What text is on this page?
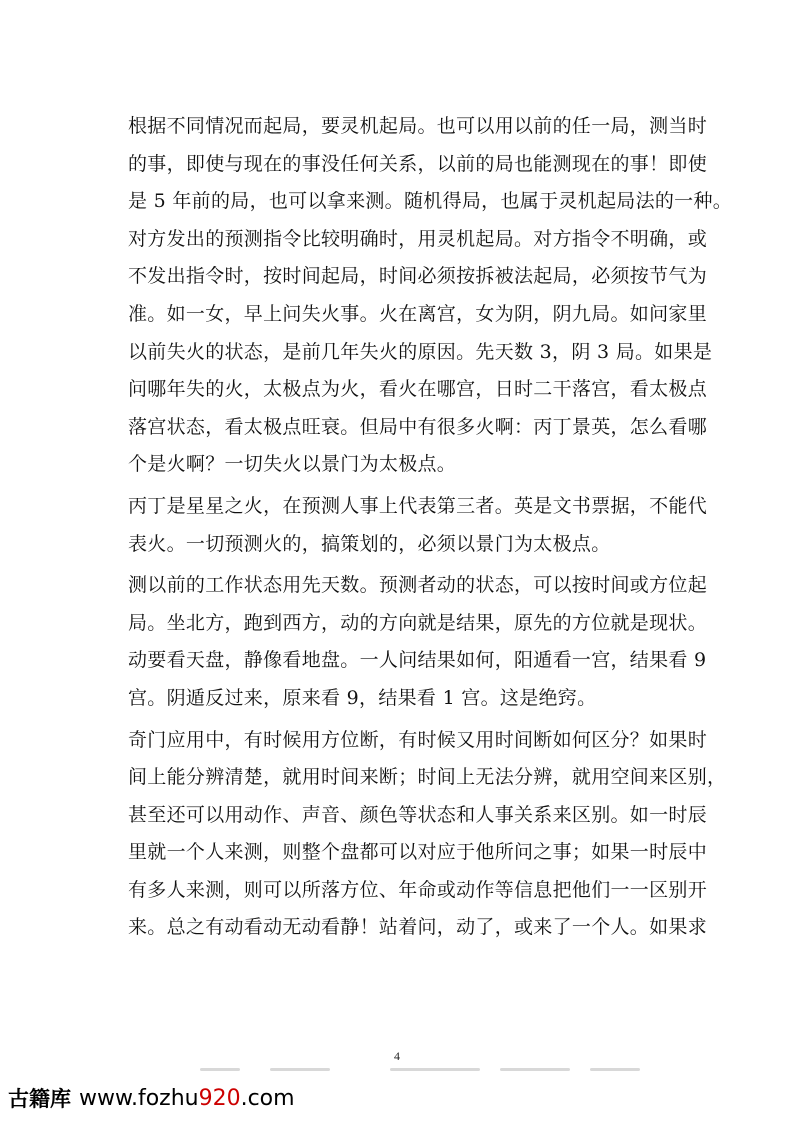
根据不同情况而起局，要灵机起局。也可以用以前的任一局，测当时
的事，即使与现在的事没任何关系，以前的局也能测现在的事！即使
是 5 年前的局，也可以拿来测。随机得局，也属于灵机起局法的一种。
对方发出的预测指令比较明确时，用灵机起局。对方指令不明确，或
不发出指令时，按时间起局，时间必须按拆被法起局，必须按节气为
准。如一女，早上问失火事。火在离宫，女为阴，阴九局。如问家里
以前失火的状态，是前几年失火的原因。先天数 3，阴 3 局。如果是
问哪年失的火，太极点为火，看火在哪宫，日时二干落宫，看太极点
落宫状态，看太极点旺衰。但局中有很多火啊：丙丁景英，怎么看哪
个是火啊？一切失火以景门为太极点。
丙丁是星星之火，在预测人事上代表第三者。英是文书票据，不能代
表火。一切预测火的，搞策划的，必须以景门为太极点。
测以前的工作状态用先天数。预测者动的状态，可以按时间或方位起
局。坐北方，跑到西方，动的方向就是结果，原先的方位就是现状。
动要看天盘，静像看地盘。一人问结果如何，阳遁看一宫，结果看 9
宫。阴遁反过来，原来看 9，结果看 1 宫。这是绝窍。
奇门应用中，有时候用方位断，有时候又用时间断如何区分？如果时
间上能分辨清楚，就用时间来断；时间上无法分辨，就用空间来区别，
甚至还可以用动作、声音、颜色等状态和人事关系来区别。如一时辰
里就一个人来测，则整个盘都可以对应于他所问之事；如果一时辰中
有多人来测，则可以所落方位、年命或动作等信息把他们一一区别开
来。总之有动看动无动看静！站着问，动了，或来了一个人。如果求
4
古籍库 www.fozhu920.com
